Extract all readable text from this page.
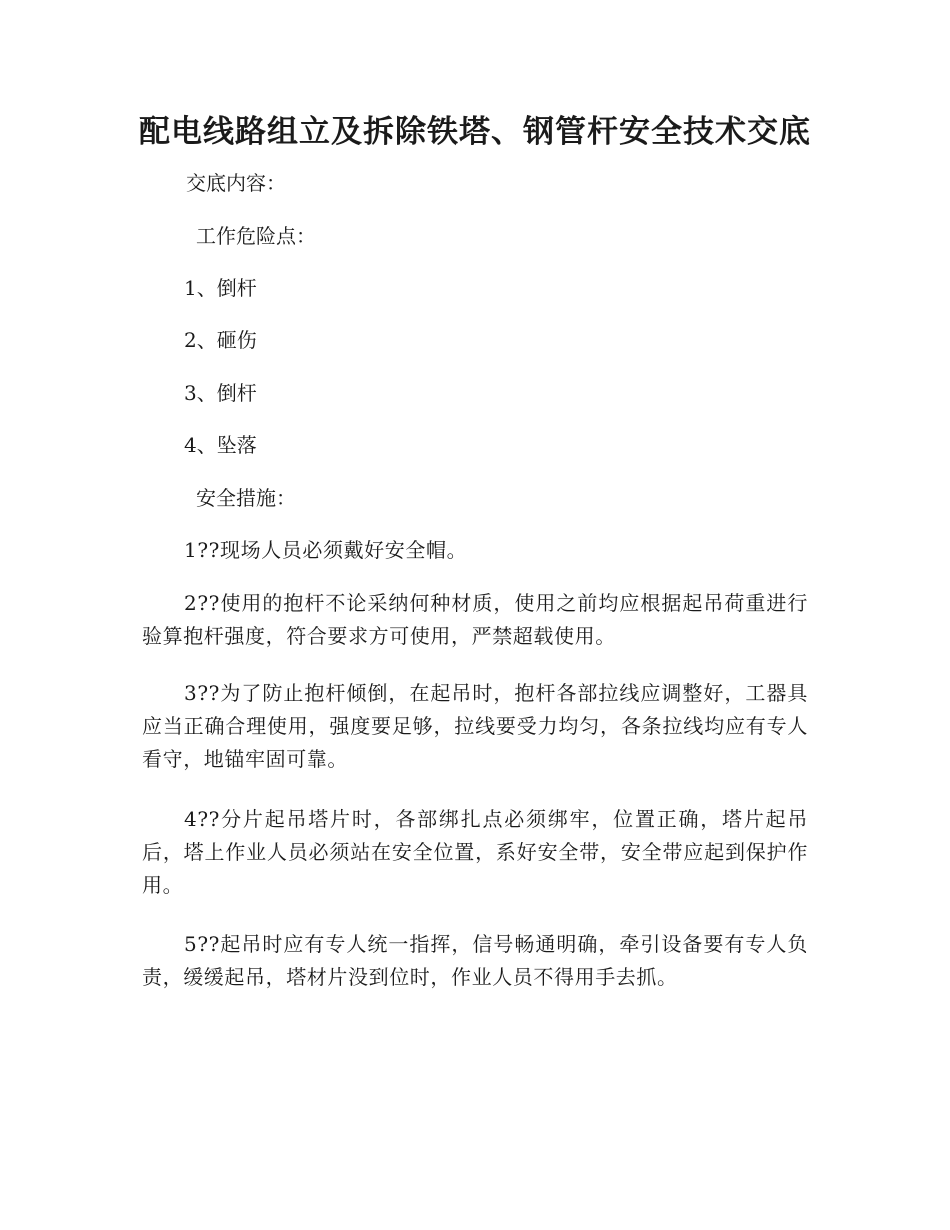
配电线路组立及拆除铁塔、钢管杆安全技术交底

交底内容：

工作危险点：

1、倒杆

2、砸伤

3、倒杆

4、坠落

安全措施：

1??现场人员必须戴好安全帽。

2??使用的抱杆不论采纳何种材质，使用之前均应根据起吊荷重进行验算抱杆强度，符合要求方可使用，严禁超载使用。

3??为了防止抱杆倾倒，在起吊时，抱杆各部拉线应调整好，工器具应当正确合理使用，强度要足够，拉线要受力均匀，各条拉线均应有专人看守，地锚牢固可靠。

4??分片起吊塔片时，各部绑扎点必须绑牢，位置正确，塔片起吊后，塔上作业人员必须站在安全位置，系好安全带，安全带应起到保护作用。

5??起吊时应有专人统一指挥，信号畅通明确，牵引设备要有专人负责，缓缓起吊，塔材片没到位时，作业人员不得用手去抓。
